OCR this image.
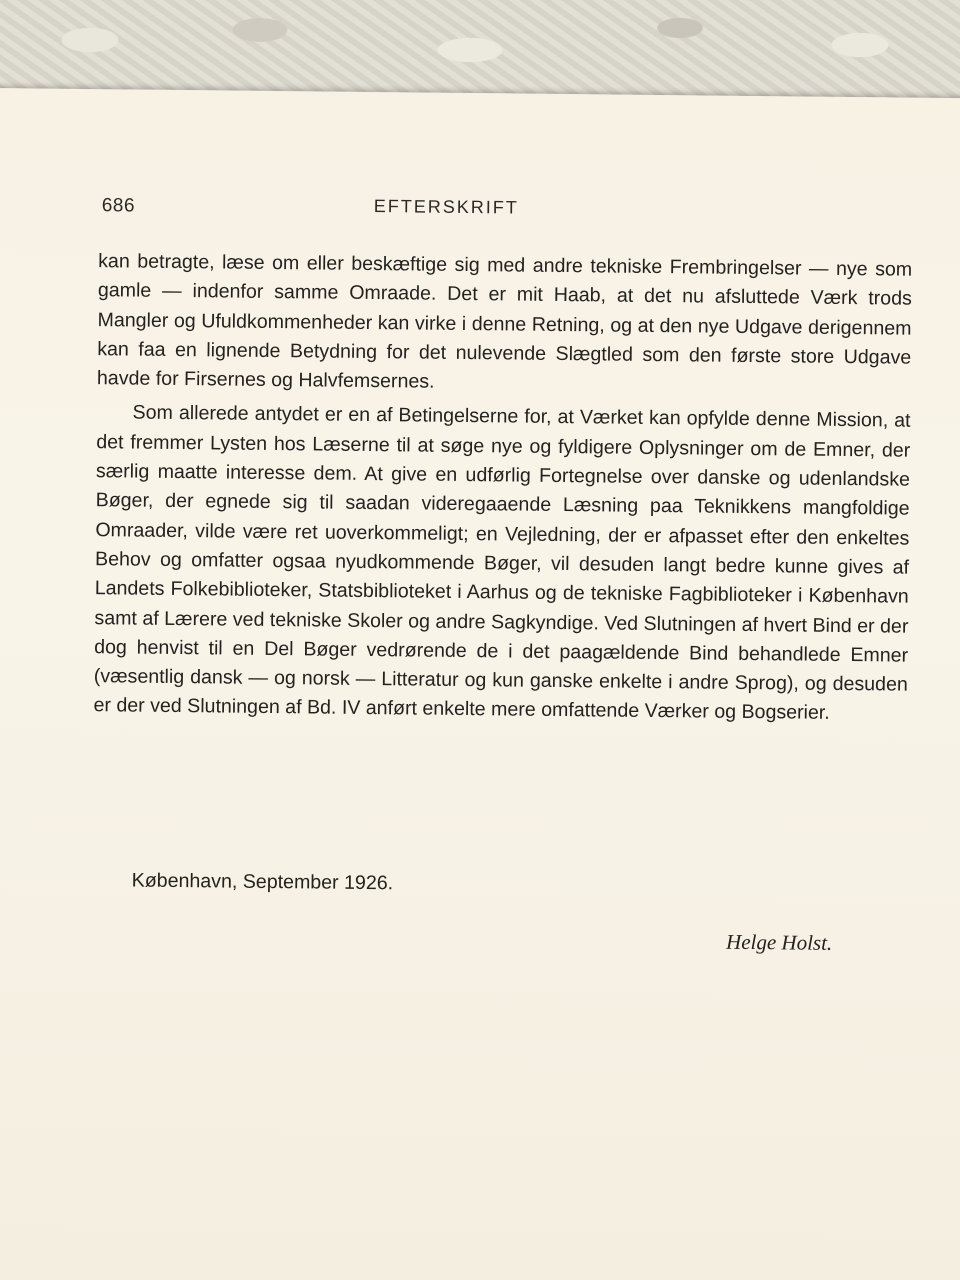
686	EFTERSKRIFT

kan betragte, læse om eller beskæftige sig med andre tekniske Frembringelser — nye som gamle — indenfor samme Omraade. Det er mit Haab, at det nu afsluttede Værk trods Mangler og Ufuldkommenheder kan virke i denne Retning, og at den nye Udgave derigennem kan faa en lignende Betydning for det nulevende Slægtled som den første store Udgave havde for Firsernes og Halvfemsernes.

Som allerede antydet er en af Betingelserne for, at Værket kan opfylde denne Mission, at det fremmer Lysten hos Læserne til at søge nye og fyldigere Oplysninger om de Emner, der særlig maatte interesse dem. At give en udførlig Fortegnelse over danske og udenlandske Bøger, der egnede sig til saadan videregaaende Læsning paa Teknikkens mangfoldige Omraader, vilde være ret uoverkommeligt; en Vejledning, der er afpasset efter den enkeltes Behov og omfatter ogsaa nyudkommende Bøger, vil desuden langt bedre kunne gives af Landets Folkebiblioteker, Statsbiblioteket i Aarhus og de tekniske Fagbiblioteker i København samt af Lærere ved tekniske Skoler og andre Sagkyndige. Ved Slutningen af hvert Bind er der dog henvist til en Del Bøger vedrørende de i det paagældende Bind behandlede Emner (væsentlig dansk — og norsk — Litteratur og kun ganske enkelte i andre Sprog), og desuden er der ved Slutningen af Bd. IV anført enkelte mere omfattende Værker og Bogserier.

København, September 1926.
Helge Holst.
